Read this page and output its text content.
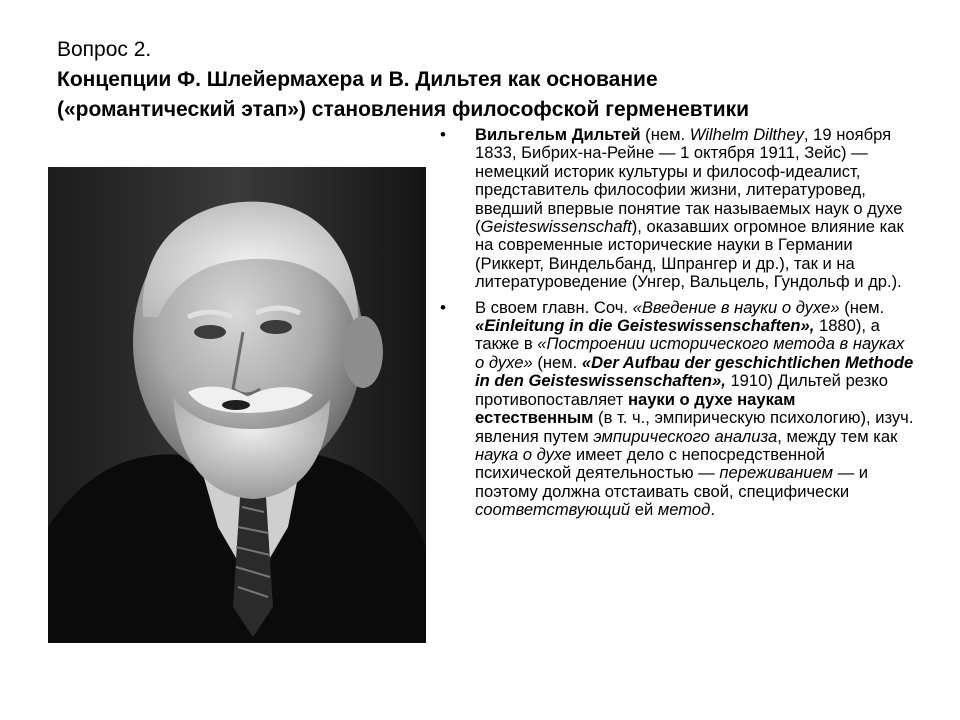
Вопрос 2.
Концепции Ф. Шлейермахера и В. Дильтея как основание
(«романтический этап») становления философской герменевтики
• Вильгельм Дильтей (нем. Wilhelm Dilthey, 19 ноября 1833, Бибрих-на-Рейне — 1 октября 1911, Зейс) — немецкий историк культуры и философ-идеалист, представитель философии жизни, литературовед, введший впервые понятие так называемых наук о духе (Geisteswissenschaft), оказавших огромное влияние как на современные исторические науки в Германии (Риккерт, Виндельбанд, Шпрангер и др.), так и на литературоведение (Унгер, Вальцель, Гундольф и др.).
• В своем главн. Соч. «Введение в науки о духе» (нем. «Einleitung in die Geisteswissenschaften», 1880), а также в «Построении исторического метода в науках о духе» (нем. «Der Aufbau der geschichtlichen Methode in den Geisteswissenschaften», 1910) Дильтей резко противопоставляет науки о духе наукам естественным (в т. ч., эмпирическую психологию), изуч. явления путем эмпирического анализа, между тем как наука о духе имеет дело с непосредственной психической деятельностью — переживанием — и поэтому должна отстаивать свой, специфически соответствующий ей метод.
